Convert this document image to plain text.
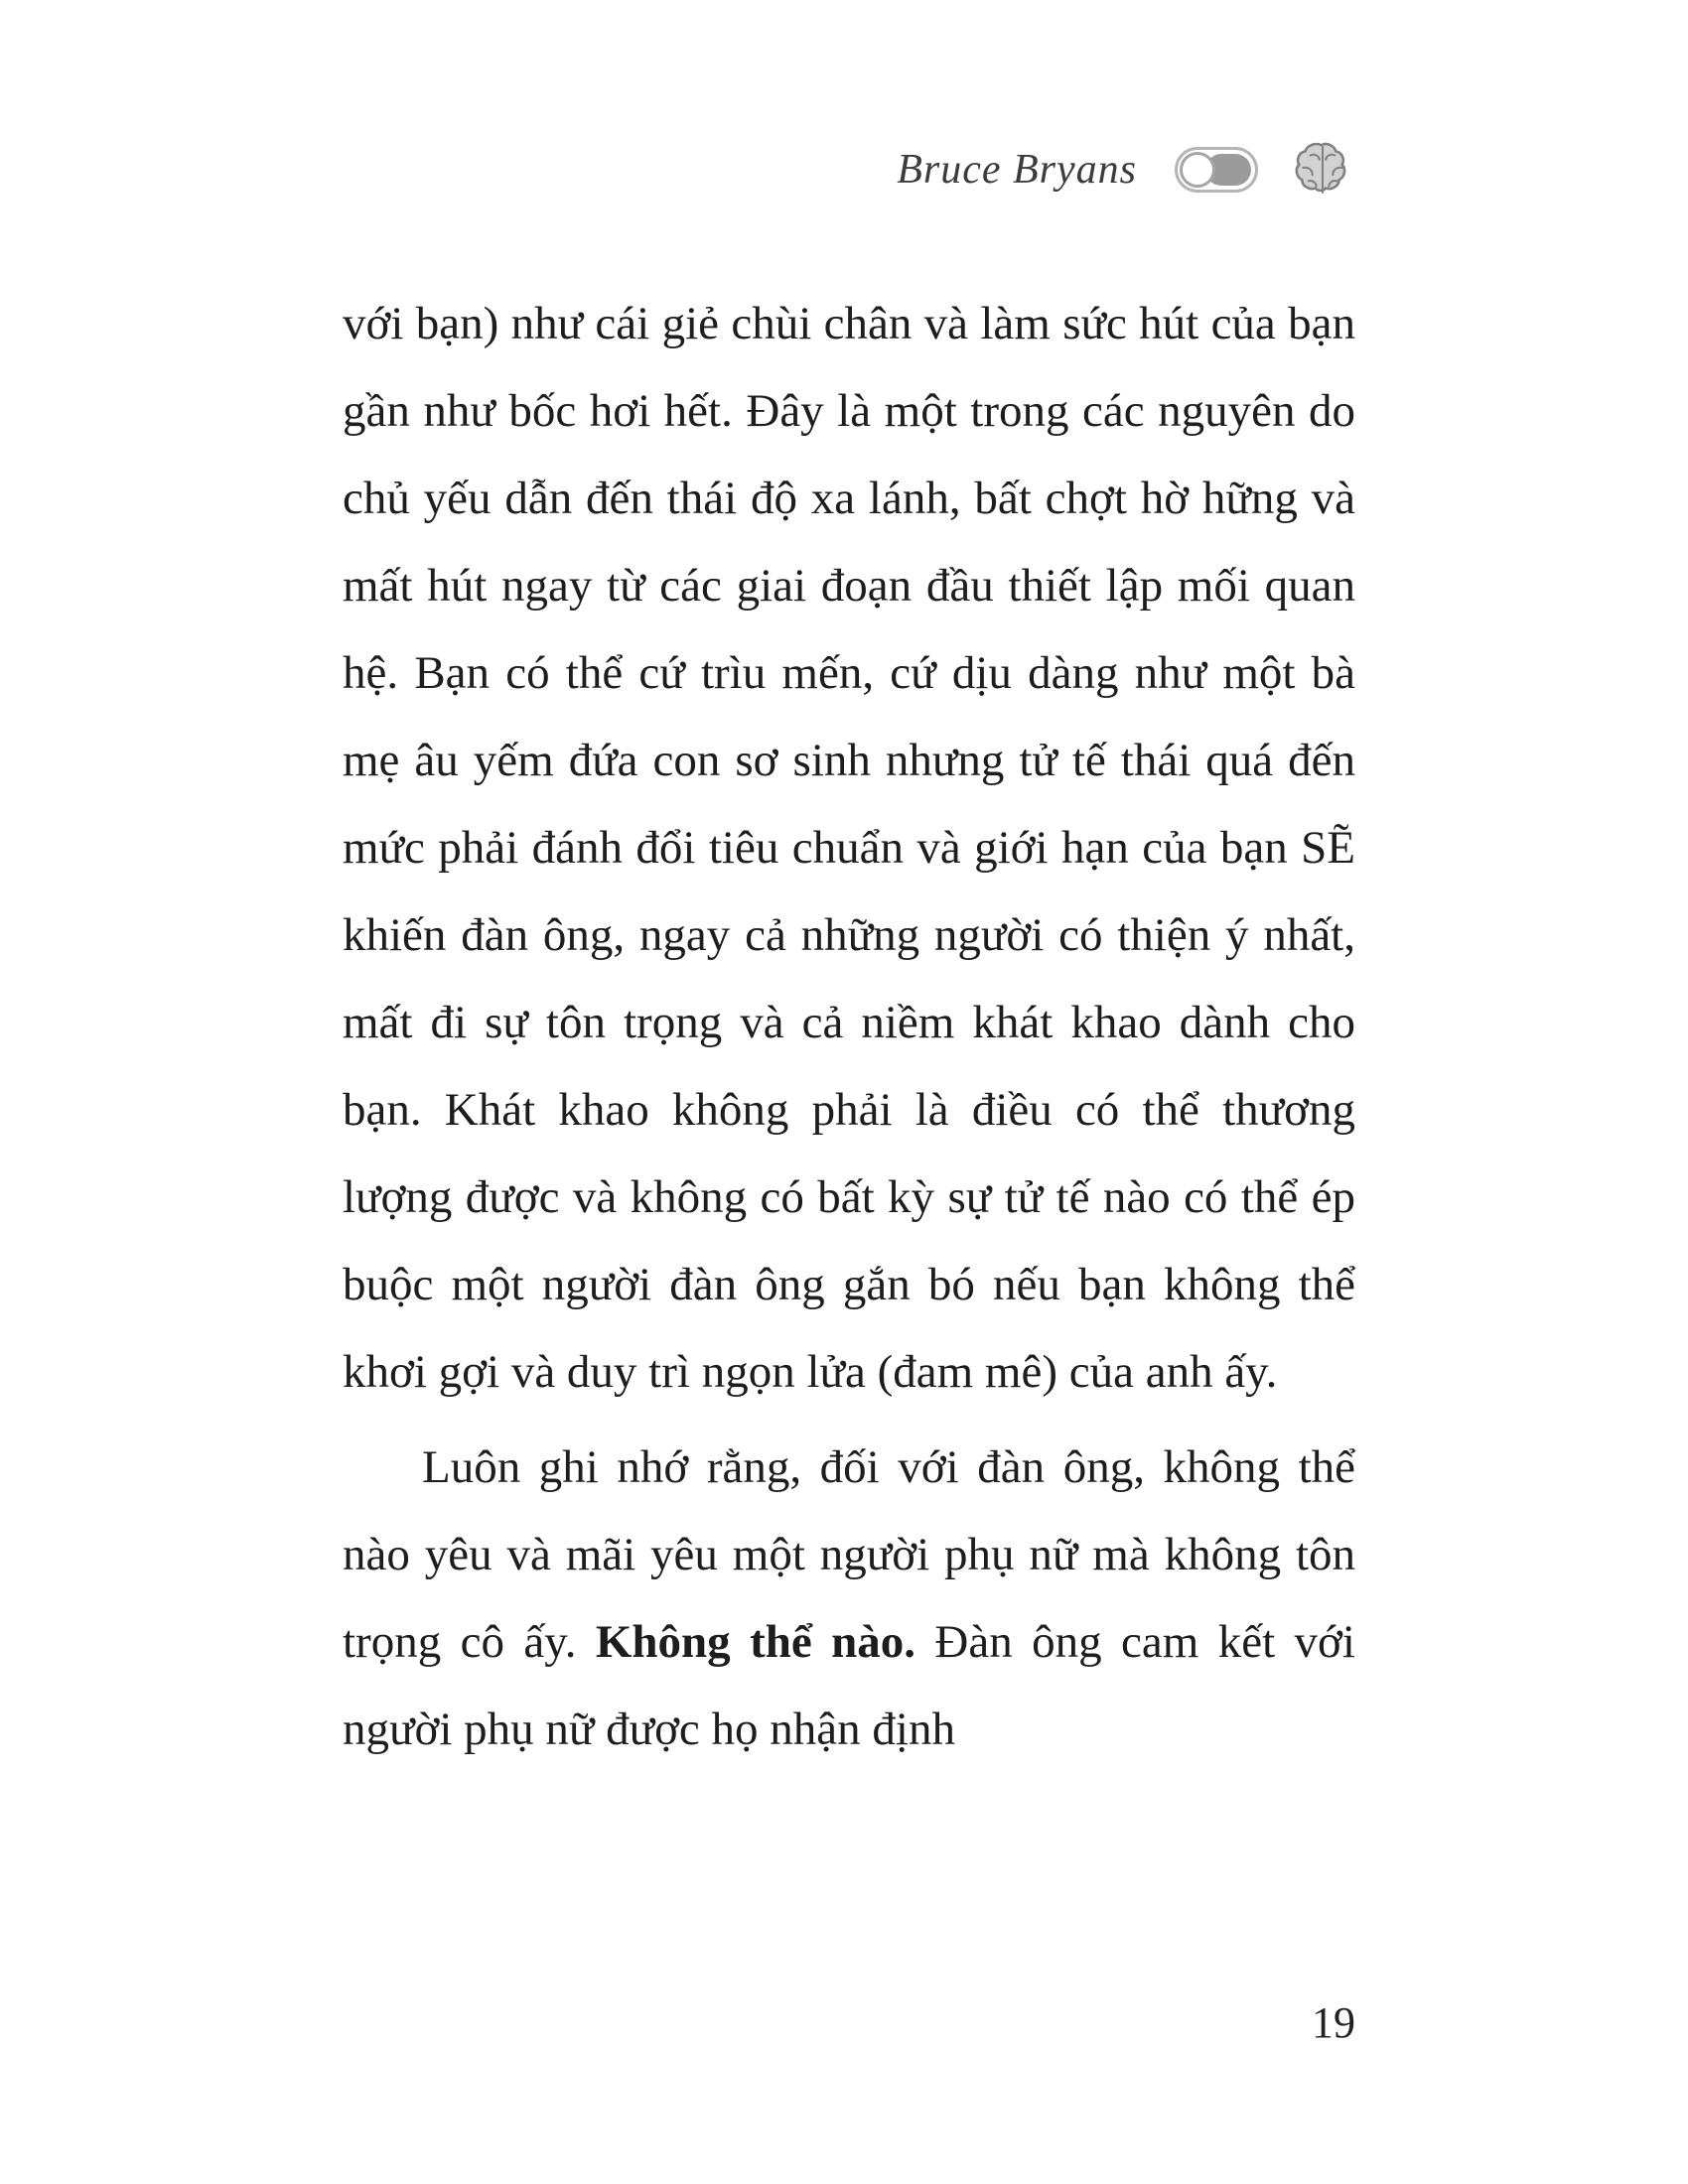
Bruce Bryans

với bạn) như cái giẻ chùi chân và làm sức hút của bạn gần như bốc hơi hết. Đây là một trong các nguyên do chủ yếu dẫn đến thái độ xa lánh, bất chợt hờ hững và mất hút ngay từ các giai đoạn đầu thiết lập mối quan hệ. Bạn có thể cứ trìu mến, cứ dịu dàng như một bà mẹ âu yếm đứa con sơ sinh nhưng tử tế thái quá đến mức phải đánh đổi tiêu chuẩn và giới hạn của bạn SẼ khiến đàn ông, ngay cả những người có thiện ý nhất, mất đi sự tôn trọng và cả niềm khát khao dành cho bạn. Khát khao không phải là điều có thể thương lượng được và không có bất kỳ sự tử tế nào có thể ép buộc một người đàn ông gắn bó nếu bạn không thể khơi gợi và duy trì ngọn lửa (đam mê) của anh ấy.

Luôn ghi nhớ rằng, đối với đàn ông, không thể nào yêu và mãi yêu một người phụ nữ mà không tôn trọng cô ấy. Không thể nào. Đàn ông cam kết với người phụ nữ được họ nhận định

19
